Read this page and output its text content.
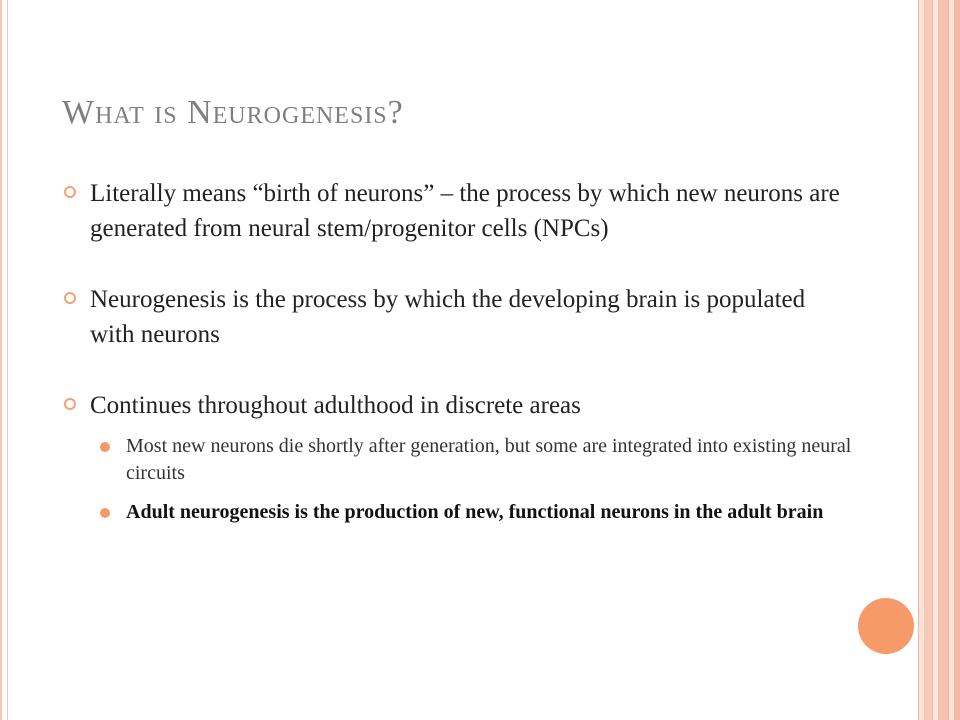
What is Neurogenesis?
Literally means “birth of neurons” – the process by which new neurons are generated from neural stem/progenitor cells (NPCs)
Neurogenesis is the process by which the developing brain is populated with neurons
Continues throughout adulthood in discrete areas
Most new neurons die shortly after generation, but some are integrated into existing neural circuits
Adult neurogenesis is the production of new, functional neurons in the adult brain
